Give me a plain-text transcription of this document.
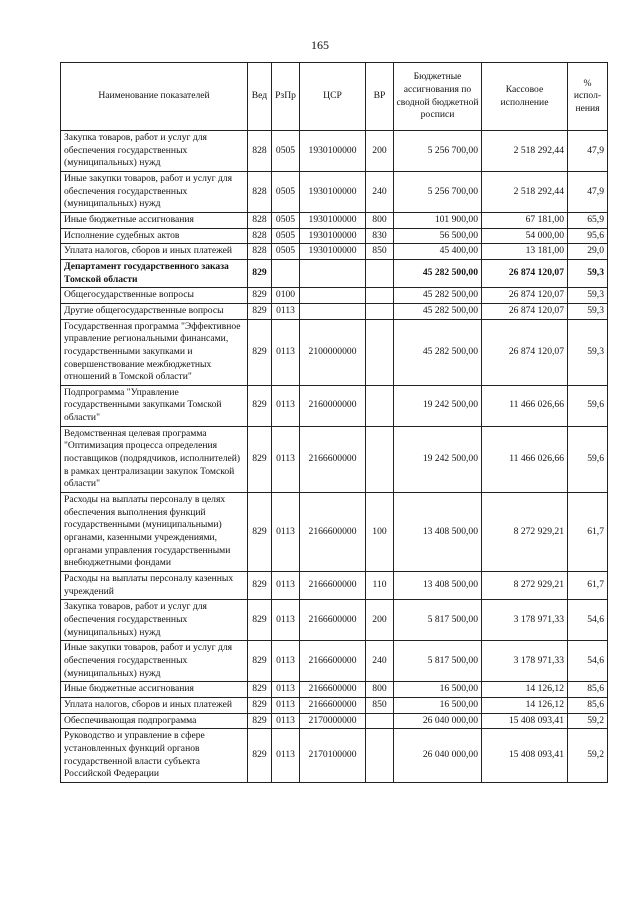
165
Наименование показателей	Вед	РзПр	ЦСР	ВР	Бюджетные ассигнования по сводной бюджетной росписи	Кассовое исполнение	% испол-нения
Закупка товаров, работ и услуг для обеспечения государственных (муниципальных) нужд	828	0505	1930100000	200	5 256 700,00	2 518 292,44	47,9
Иные закупки товаров, работ и услуг для обеспечения государственных (муниципальных) нужд	828	0505	1930100000	240	5 256 700,00	2 518 292,44	47,9
Иные бюджетные ассигнования	828	0505	1930100000	800	101 900,00	67 181,00	65,9
Исполнение судебных актов	828	0505	1930100000	830	56 500,00	54 000,00	95,6
Уплата налогов, сборов и иных платежей	828	0505	1930100000	850	45 400,00	13 181,00	29,0
Департамент государственного заказа Томской области	829				45 282 500,00	26 874 120,07	59,3
Общегосударственные вопросы	829	0100			45 282 500,00	26 874 120,07	59,3
Другие общегосударственные вопросы	829	0113			45 282 500,00	26 874 120,07	59,3
Государственная программа "Эффективное управление региональными финансами, государственными закупками и совершенствование межбюджетных отношений в Томской области"	829	0113	2100000000		45 282 500,00	26 874 120,07	59,3
Подпрограмма "Управление государственными закупками Томской области"	829	0113	2160000000		19 242 500,00	11 466 026,66	59,6
Ведомственная целевая программа "Оптимизация процесса определения поставщиков (подрядчиков, исполнителей) в рамках централизации закупок Томской области"	829	0113	2166600000		19 242 500,00	11 466 026,66	59,6
Расходы на выплаты персоналу в целях обеспечения выполнения функций государственными (муниципальными) органами, казенными учреждениями, органами управления государственными внебюджетными фондами	829	0113	2166600000	100	13 408 500,00	8 272 929,21	61,7
Расходы на выплаты персоналу казенных учреждений	829	0113	2166600000	110	13 408 500,00	8 272 929,21	61,7
Закупка товаров, работ и услуг для обеспечения государственных (муниципальных) нужд	829	0113	2166600000	200	5 817 500,00	3 178 971,33	54,6
Иные закупки товаров, работ и услуг для обеспечения государственных (муниципальных) нужд	829	0113	2166600000	240	5 817 500,00	3 178 971,33	54,6
Иные бюджетные ассигнования	829	0113	2166600000	800	16 500,00	14 126,12	85,6
Уплата налогов, сборов и иных платежей	829	0113	2166600000	850	16 500,00	14 126,12	85,6
Обеспечивающая подпрограмма	829	0113	2170000000		26 040 000,00	15 408 093,41	59,2
Руководство и управление в сфере установленных функций органов государственной власти субъекта Российской Федерации	829	0113	2170100000		26 040 000,00	15 408 093,41	59,2
